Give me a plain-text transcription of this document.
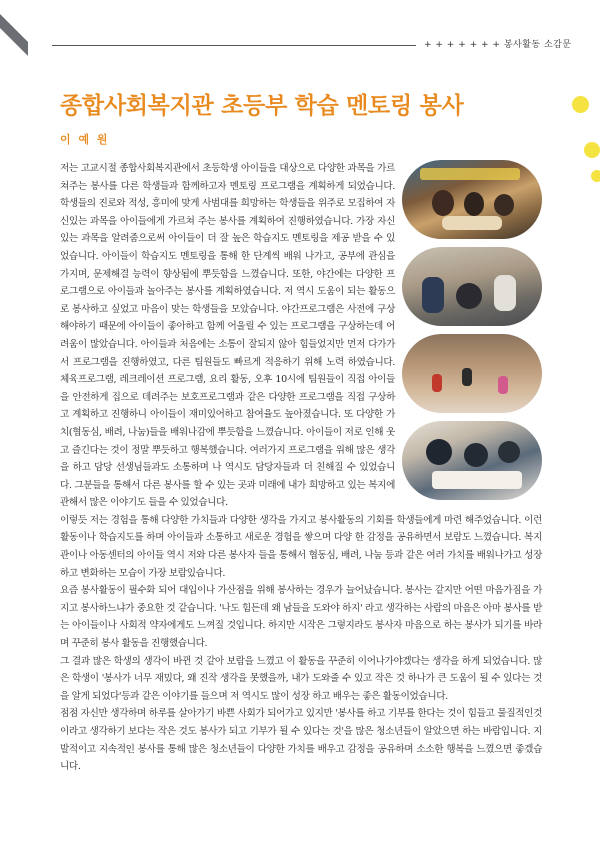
+ + + + + + + 봉사활동 소감문
종합사회복지관 초등부 학습 멘토링 봉사
이 예 원

저는 고교시절 종합사회복지관에서 초등학생 아이들을 대상으로 다양한 과목을 가르쳐주는 봉사를 다른 학생들과 함께하고자 멘토링 프로그램을 계획하게 되었습니다. 학생들의 진로와 적성, 흥미에 맞게 사범대를 희망하는 학생들을 위주로 모집하여 자신있는 과목을 아이들에게 가르쳐 주는 봉사를 계획하여 진행하였습니다. 가장 자신 있는 과목을 알려줌으로써 아이들이 더 잘 높은 학습지도 멘토링을 제공 받을 수 있었습니다. 아이들이 학습지도 멘토링을 통해 한 단계씩 배워 나가고, 공부에 관심을 가지며, 문제해결 능력이 향상됨에 뿌듯함을 느꼈습니다. 또한, 야간에는 다양한 프로그램으로 아이들과 놀아주는 봉사를 계획하였습니다. 저 역시 도움이 되는 활동으로 봉사하고 싶었고 마음이 맞는 학생들을 모았습니다. 야간프로그램은 사전에 구상해야하기 때문에 아이들이 좋아하고 함께 어울릴 수 있는 프로그램을 구상하는데 어려움이 많았습니다. 아이들과 처음에는 소통이 잘되지 않아 힘들었지만 먼저 다가가서 프로그램을 진행하였고, 다른 팀원들도 빠르게 적응하기 위해 노력 하였습니다. 체육프로그램, 레크레이션 프로그램, 요리 활동, 오후 10시에 팀원들이 직접 아이들을 안전하게 집으로 데려주는 보호프로그램과 같은 다양한 프로그램을 직접 구상하고 계획하고 진행하니 아이들이 재미있어하고 참여율도 높아졌습니다. 또 다양한 가치(협동심, 배려, 나눔)들을 배워나감에 뿌듯함을 느꼈습니다. 아이들이 저로 인해 웃고 즐긴다는 것이 정말 뿌듯하고 행복했습니다. 여러가지 프로그램을 위해 많은 생각을 하고 담당 선생님들과도 소통하며 나 역시도 담당자들과 더 친해질 수 있었습니다. 그분들을 통해서 다른 봉사를 할 수 있는 곳과 미래에 내가 희망하고 있는 복지에 관해서 많은 이야기도 들을 수 있었습니다.

이렇듯 저는 경험을 통해 다양한 가치들과 다양한 생각을 가지고 봉사활동의 기회를 학생들에게 마련 해주었습니다. 이런 활동이나 학습지도를 하며 아이들과 소통하고 새로운 경험을 쌓으며 다양 한 감정을 공유하면서 보람도 느꼈습니다. 복지관이나 아동센터의 아이들 역시 저와 다른 봉사자 들을 통해서 협동심, 배려, 나눔 등과 같은 여러 가치를 배워나가고 성장하고 변화하는 모습이 가장 보람있습니다.

요즘 봉사활동이 필수화 되어 대입이나 가산점을 위해 봉사하는 경우가 늘어났습니다. 봉사는 같지만 어떤 마음가짐을 가지고 봉사하느냐가 중요한 것 같습니다. '나도 힘든데 왜 남들을 도와야 하지' 라고 생각하는 사람의 마음은 아마 봉사를 받는 아이들이나 사회적 약자에게도 느껴질 것입니다. 하지만 시작은 그렇지라도 봉사자 마음으로 하는 봉사가 되기를 바라며 꾸준히 봉사 활동을 진행했습니다.

그 결과 많은 학생의 생각이 바뀐 것 같아 보람을 느꼈고 이 활동을 꾸준히 이어나가야겠다는 생각을 하게 되었습니다. 많은 학생이 '봉사가 너무 재밌다, 왜 진작 생각을 못했을까, 내가 도와줄 수 있고 작은 것 하나가 큰 도움이 될 수 있다는 것을 알게 되었다'등과 같은 이야기를 들으며 저 역시도 많이 성장 하고 배우는 좋은 활동이었습니다.

점점 자신만 생각하며 하루를 살아가기 바쁜 사회가 되어가고 있지만 '봉사를 하고 기부를 한다는 것이 힘들고 물질적인것이라고 생각하기 보다는 작은 것도 봉사가 되고 기부가 될 수 있다는 것'을 많은 청소년들이 알았으면 하는 바람입니다. 지발적이고 지속적인 봉사를 통해 많은 청소년들이 다양한 가치를 배우고 감정을 공유하며 소소한 행복을 느꼈으면 좋겠습니다.
